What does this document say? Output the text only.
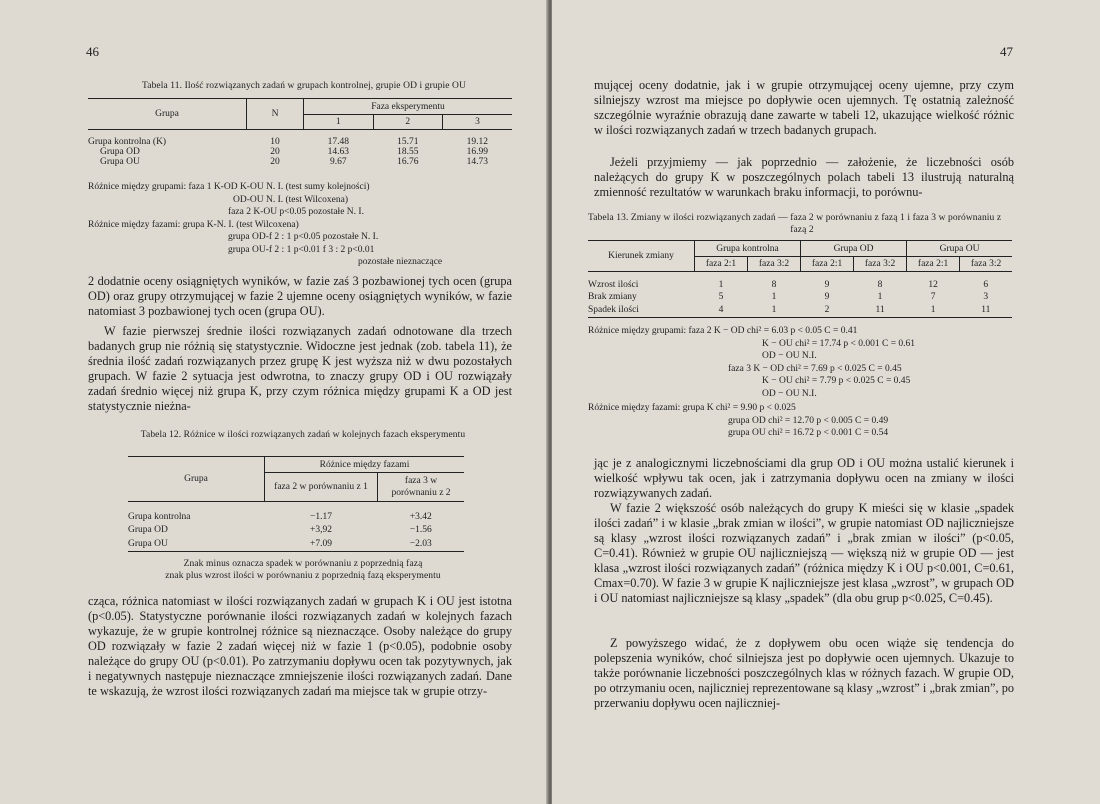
46

Tabela 11. Ilość rozwiązanych zadań w grupach kontrolnej, grupie OD i grupie OU

Grupa	N	Faza eksperymentu		
		1	2	3

Grupa kontrolna (K)	10	17.48	15.71	19.12
Grupa OD	20	14.63	18.55	16.99
Grupa OU	20	9.67	16.76	14.73
Różnice między grupami: faza 1 K-OD K-OU N. I. (test sumy kolejności)
OD-OU N. I. (test Wilcoxena)
faza 2 K-OU p<0.05 pozostałe N. I.
Różnice między fazami: grupa K-N. I. (test Wilcoxena)
grupa OD-f 2 : 1 p<0.05 pozostałe N. I.
grupa OU-f 2 : 1 p<0.01 f 3 : 2 p<0.01
pozostałe nieznaczące

2 dodatnie oceny osiągniętych wyników, w fazie zaś 3 pozbawionej tych ocen (grupa OD) oraz grupy otrzymującej w fazie 2 ujemne oceny osiągniętych wyników, w fazie natomiast 3 pozbawionej tych ocen (grupa OU).

W fazie pierwszej średnie ilości rozwiązanych zadań odnotowane dla trzech badanych grup nie różnią się statystycznie. Widoczne jest jednak (zob. tabela 11), że średnia ilość zadań rozwiązanych przez grupę K jest wyższa niż w dwu pozostałych grupach. W fazie 2 sytuacja jest odwrotna, to znaczy grupy OD i OU rozwiązały zadań średnio więcej niż grupa K, przy czym różnica między grupami K a OD jest statystycznie nieżna-

Tabela 12. Różnice w ilości rozwiązanych zadań w kolejnych fazach eksperymentu

Grupa	Różnice między fazami	
	faza 2 w porównaniu z 1	faza 3 w porównaniu z 2

Grupa kontrolna	−1.17	+3.42
Grupa OD	+3,92	−1.56
Grupa OU	+7.09	−2.03
Znak minus oznacza spadek w porównaniu z poprzednią fazą
znak plus wzrost ilości w porównaniu z poprzednią fazą eksperymentu

cząca, różnica natomiast w ilości rozwiązanych zadań w grupach K i OU jest istotna (p<0.05). Statystyczne porównanie ilości rozwiązanych zadań w kolejnych fazach wykazuje, że w grupie kontrolnej różnice są nieznaczące. Osoby należące do grupy OD rozwiązały w fazie 2 zadań więcej niż w fazie 1 (p<0.05), podobnie osoby należące do grupy OU (p<0.01). Po zatrzymaniu dopływu ocen tak pozytywnych, jak i negatywnych następuje nieznaczące zmniejszenie ilości rozwiązanych zadań. Dane te wskazują, że wzrost ilości rozwiązanych zadań ma miejsce tak w grupie otrzy-

47

mującej oceny dodatnie, jak i w grupie otrzymującej oceny ujemne, przy czym silniejszy wzrost ma miejsce po dopływie ocen ujemnych. Tę ostatnią zależność szczególnie wyraźnie obrazują dane zawarte w tabeli 12, ukazujące wielkość różnic w ilości rozwiązanych zadań w trzech badanych grupach.

Jeżeli przyjmiemy — jak poprzednio — założenie, że liczebności osób należących do grupy K w poszczególnych polach tabeli 13 ilustrują naturalną zmienność rezultatów w warunkach braku informacji, to porównu-

Tabela 13. Zmiany w ilości rozwiązanych zadań — faza 2 w porównaniu z fazą 1 i faza 3 w porównaniu z fazą 2

Kierunek zmiany	Grupa kontrolna		Grupa OD		Grupa OU	
	faza 2:1	faza 3:2	faza 2:1	faza 3:2	faza 2:1	faza 3:2

Wzrost ilości	1	8	9	8	12	6
Brak zmiany	5	1	9	1	7	3
Spadek ilości	4	1	2	11	1	11
Różnice między grupami: faza 2 K − OD chi² = 6.03 p < 0.05 C = 0.41
K − OU chi² = 17.74 p < 0.001 C = 0.61
OD − OU N.I.
faza 3 K − OD chi² = 7.69 p < 0.025 C = 0.45
K − OU chi² = 7.79 p < 0.025 C = 0.45
OD − OU N.I.
Różnice między fazami: grupa K chi² = 9.90 p < 0.025
grupa OD chi² = 12.70 p < 0.005 C = 0.49
grupa OU chi² = 16.72 p < 0.001 C = 0.54

jąc je z analogicznymi liczebnościami dla grup OD i OU można ustalić kierunek i wielkość wpływu tak ocen, jak i zatrzymania dopływu ocen na zmiany w ilości rozwiązywanych zadań.

W fazie 2 większość osób należących do grupy K mieści się w klasie „spadek ilości zadań” i w klasie „brak zmian w ilości”, w grupie natomiast OD najliczniejsze są klasy „wzrost ilości rozwiązanych zadań” i „brak zmian w ilości” (p<0.05, C=0.41). Również w grupie OU najliczniejszą — większą niż w grupie OD — jest klasa „wzrost ilości rozwiązanych zadań” (różnica między K i OU p<0.001, C=0.61, Cmax=0.70). W fazie 3 w grupie K najliczniejsze jest klasa „wzrost”, w grupach OD i OU natomiast najliczniejsze są klasy „spadek” (dla obu grup p<0.025, C=0.45).

Z powyższego widać, że z dopływem obu ocen wiąże się tendencja do polepszenia wyników, choć silniejsza jest po dopływie ocen ujemnych. Ukazuje to także porównanie liczebności poszczególnych klas w różnych fazach. W grupie OD, po otrzymaniu ocen, najliczniej reprezentowane są klasy „wzrost” i „brak zmian”, po przerwaniu dopływu ocen najliczniej-
